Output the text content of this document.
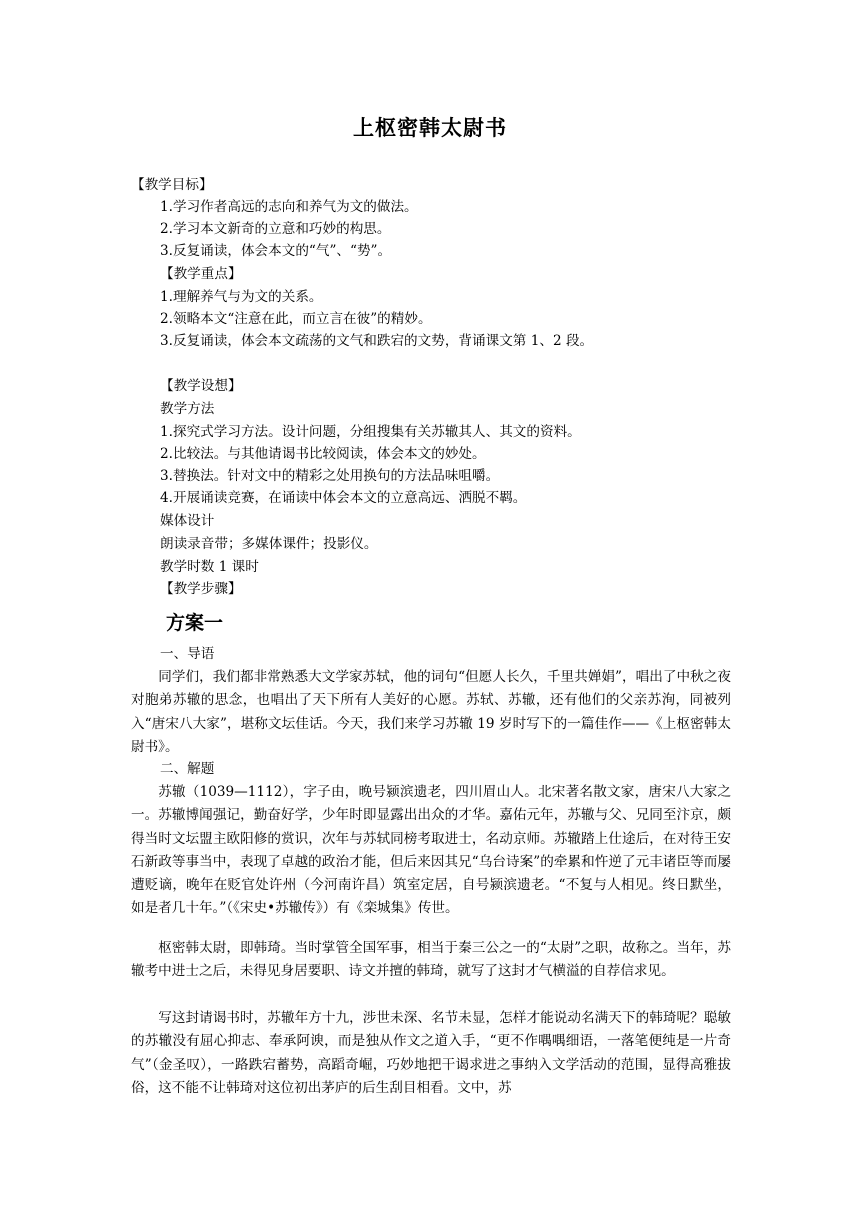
上枢密韩太尉书
【教学目标】
1.学习作者高远的志向和养气为文的做法。
2.学习本文新奇的立意和巧妙的构思。
3.反复诵读，体会本文的“气”、“势”。
【教学重点】
1.理解养气与为文的关系。
2.领略本文“注意在此，而立言在彼”的精妙。
3.反复诵读，体会本文疏荡的文气和跌宕的文势，背诵课文第 1、2 段。
【教学设想】
教学方法
1.探究式学习方法。设计问题，分组搜集有关苏辙其人、其文的资料。
2.比较法。与其他请谒书比较阅读，体会本文的妙处。
3.替换法。针对文中的精彩之处用换句的方法品味咀嚼。
4.开展诵读竞赛，在诵读中体会本文的立意高远、洒脱不羁。
媒体设计
朗读录音带；多媒体课件；投影仪。
教学时数 1 课时
【教学步骤】
方案一
一、导语
同学们，我们都非常熟悉大文学家苏轼，他的词句“但愿人长久，千里共婵娟”，唱出了中秋之夜对胞弟苏辙的思念，也唱出了天下所有人美好的心愿。苏轼、苏辙，还有他们的父亲苏洵，同被列入“唐宋八大家”，堪称文坛佳话。今天，我们来学习苏辙 19 岁时写下的一篇佳作——《上枢密韩太尉书》。
二、解题
苏辙（1039—1112），字子由，晚号颍滨遗老，四川眉山人。北宋著名散文家，唐宋八大家之一。苏辙博闻强记，勤奋好学，少年时即显露出出众的才华。嘉佑元年，苏辙与父、兄同至汴京，颇得当时文坛盟主欧阳修的赏识，次年与苏轼同榜考取进士，名动京师。苏辙踏上仕途后，在对待王安石新政等事当中，表现了卓越的政治才能，但后来因其兄“乌台诗案”的牵累和忤逆了元丰诸臣等而屡遭贬谪，晚年在贬官处许州（今河南许昌）筑室定居，自号颍滨遗老。“不复与人相见。终日默坐，如是者几十年。”（《宋史•苏辙传》）有《栾城集》传世。
枢密韩太尉，即韩琦。当时掌管全国军事，相当于秦三公之一的“太尉”之职，故称之。当年，苏辙考中进士之后，未得见身居要职、诗文并擅的韩琦，就写了这封才气横溢的自荐信求见。
写这封请谒书时，苏辙年方十九，涉世未深、名节未显，怎样才能说动名满天下的韩琦呢？聪敏的苏辙没有屈心抑志、奉承阿谀，而是独从作文之道入手，“更不作喁喁细语，一落笔便纯是一片奇气”（金圣叹），一路跌宕蓄势，高蹈奇崛，巧妙地把干谒求进之事纳入文学活动的范围，显得高雅拔俗，这不能不让韩琦对这位初出茅庐的后生刮目相看。文中，苏
